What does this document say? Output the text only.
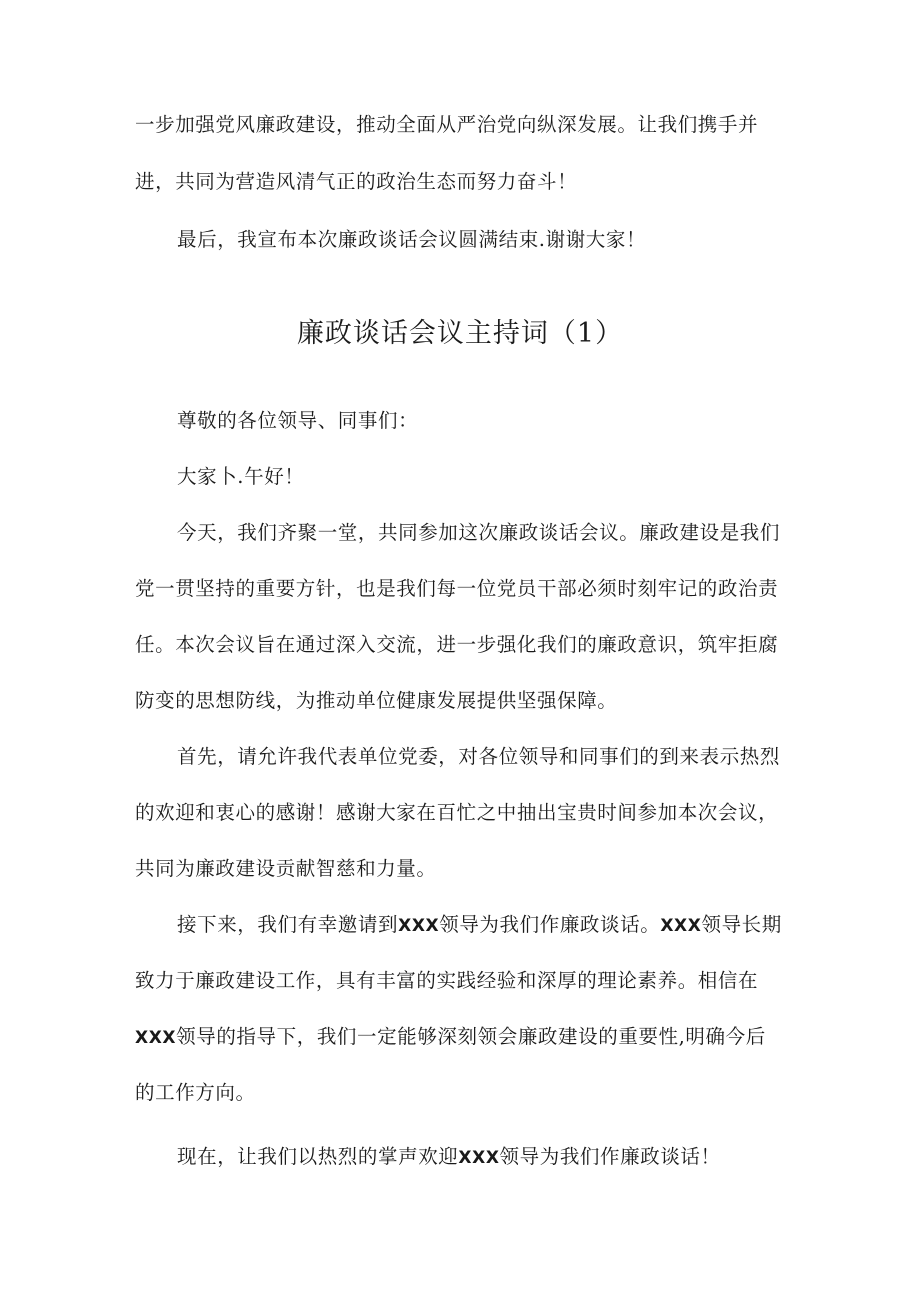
一步加强党风廉政建设，推动全面从严治党向纵深发展。让我们携手并
进，共同为营造风清气正的政治生态而努力奋斗！
最后，我宣布本次廉政谈话会议圆满结束.谢谢大家！
廉政谈话会议主持词（1）
尊敬的各位领导、同事们：
大家卜.午好！
今天，我们齐聚一堂，共同参加这次廉政谈话会议。廉政建设是我们
党一贯坚持的重要方针，也是我们每一位党员干部必须时刻牢记的政治责
任。本次会议旨在通过深入交流，进一步强化我们的廉政意识，筑牢拒腐
防变的思想防线，为推动单位健康发展提供坚强保障。
首先，请允许我代表单位党委，对各位领导和同事们的到来表示热烈
的欢迎和衷心的感谢！感谢大家在百忙之中抽出宝贵时间参加本次会议，
共同为廉政建设贡献智慈和力量。
接下来，我们有幸邀请到XXX领导为我们作廉政谈话。XXX领导长期
致力于廉政建设工作，具有丰富的实践经验和深厚的理论素养。相信在
XXX领导的指导下，我们一定能够深刻领会廉政建设的重要性,明确今后
的工作方向。
现在，让我们以热烈的掌声欢迎XXX领导为我们作廉政谈话！
